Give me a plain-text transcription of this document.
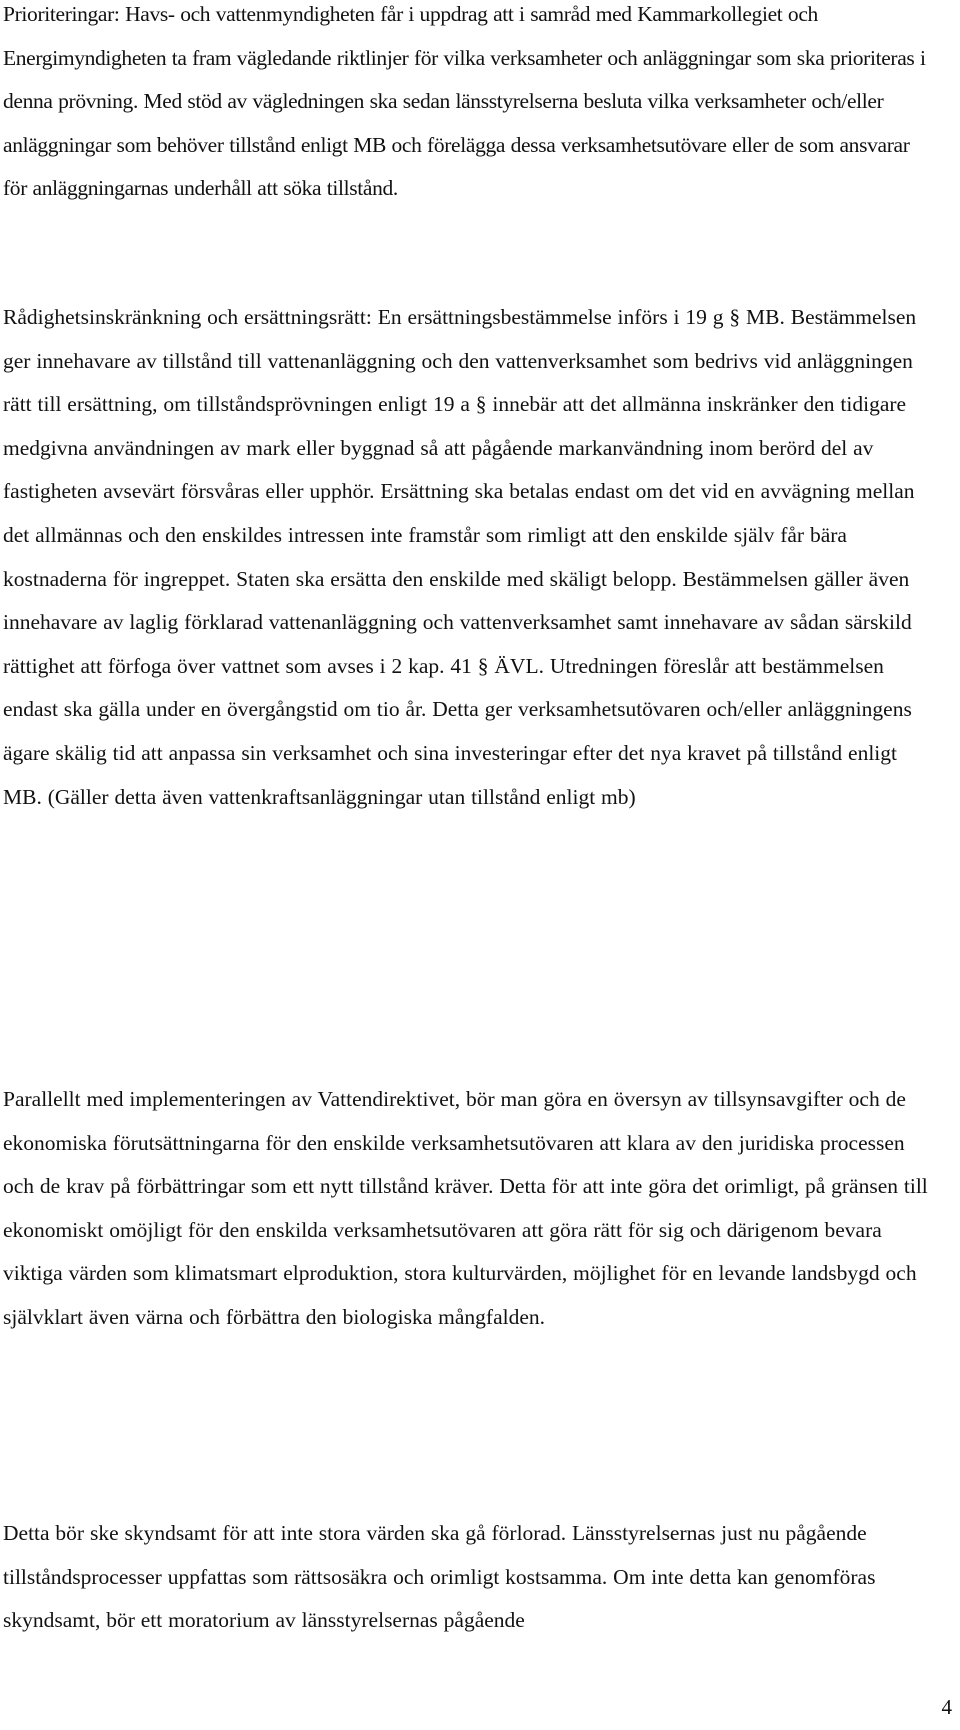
Prioriteringar: Havs- och vattenmyndigheten får i uppdrag att i samråd med Kammarkollegiet och Energimyndigheten ta fram vägledande riktlinjer för vilka verksamheter och anläggningar som ska prioriteras i denna prövning. Med stöd av vägledningen ska sedan länsstyrelserna besluta vilka verksamheter och/eller anläggningar som behöver tillstånd enligt MB och förelägga dessa verksamhetsutövare eller de som ansvarar för anläggningarnas underhåll att söka tillstånd.

Rådighetsinskränkning och ersättningsrätt: En ersättningsbestämmelse införs i 19 g § MB. Bestämmelsen ger innehavare av tillstånd till vattenanläggning och den vattenverksamhet som bedrivs vid anläggningen rätt till ersättning, om tillståndsprövningen enligt 19 a § innebär att det allmänna inskränker den tidigare medgivna användningen av mark eller byggnad så att pågående markanvändning inom berörd del av fastigheten avsevärt försvåras eller upphör. Ersättning ska betalas endast om det vid en avvägning mellan det allmännas och den enskildes intressen inte framstår som rimligt att den enskilde själv får bära kostnaderna för ingreppet. Staten ska ersätta den enskilde med skäligt belopp. Bestämmelsen gäller även innehavare av laglig förklarad vattenanläggning och vattenverksamhet samt innehavare av sådan särskild rättighet att förfoga över vattnet som avses i 2 kap. 41 § ÄVL. Utredningen föreslår att bestämmelsen endast ska gälla under en övergångstid om tio år. Detta ger verksamhetsutövaren och/eller anläggningens ägare skälig tid att anpassa sin verksamhet och sina investeringar efter det nya kravet på tillstånd enligt MB. (Gäller detta även vattenkraftsanläggningar utan tillstånd enligt mb)

Parallellt med implementeringen av Vattendirektivet, bör man göra en översyn av tillsynsavgifter och de ekonomiska förutsättningarna för den enskilde verksamhetsutövaren att klara av den juridiska processen och de krav på förbättringar som ett nytt tillstånd kräver. Detta för att inte göra det orimligt, på gränsen till ekonomiskt omöjligt för den enskilda verksamhetsutövaren att göra rätt för sig och därigenom bevara viktiga värden som klimatsmart elproduktion, stora kulturvärden, möjlighet för en levande landsbygd och självklart även värna och förbättra den biologiska mångfalden.

Detta bör ske skyndsamt för att inte stora värden ska gå förlorad. Länsstyrelsernas just nu pågående tillståndsprocesser uppfattas som rättsosäkra och orimligt kostsamma. Om inte detta kan genomföras skyndsamt, bör ett moratorium av länsstyrelsernas pågående

4
